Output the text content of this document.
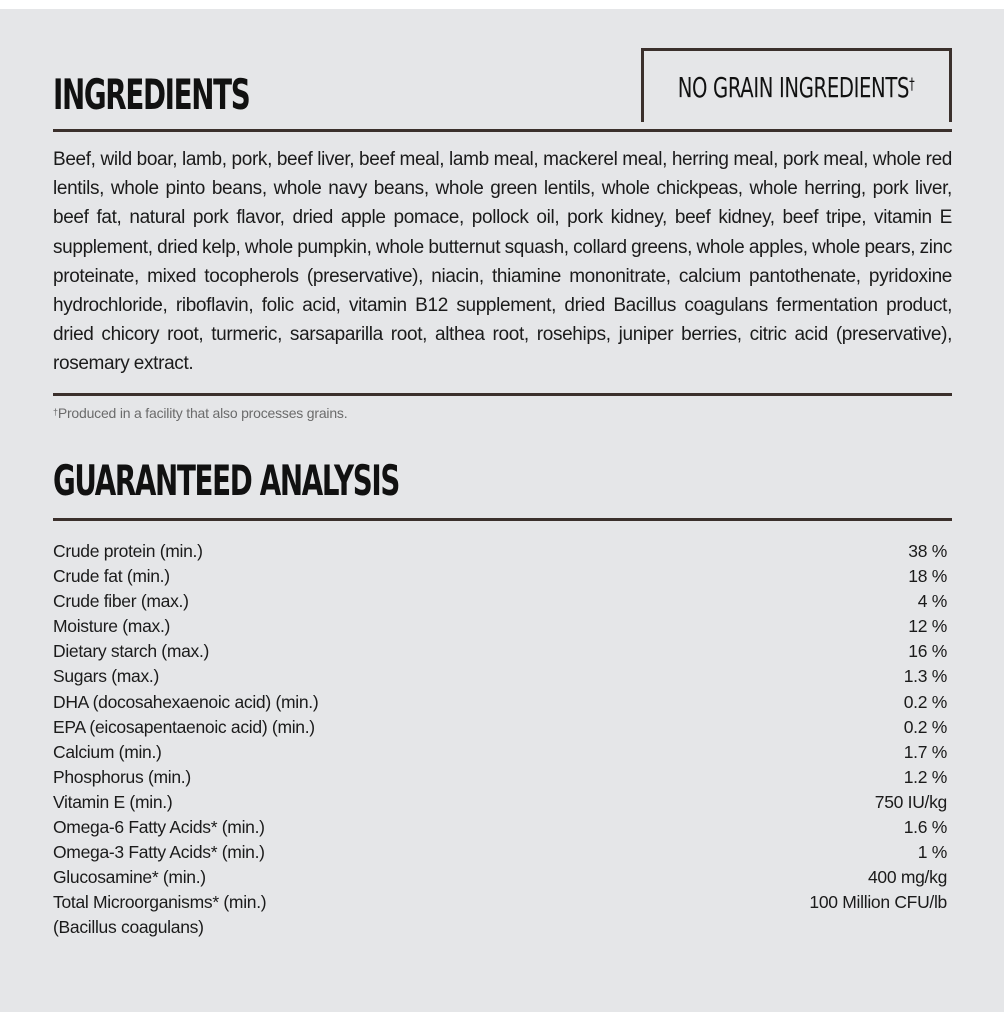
INGREDIENTS	NO GRAIN INGREDIENTS†

Beef, wild boar, lamb, pork, beef liver, beef meal, lamb meal, mackerel meal, herring meal, pork meal, whole red lentils, whole pinto beans, whole navy beans, whole green lentils, whole chickpeas, whole herring, pork liver, beef fat, natural pork flavor, dried apple pomace, pollock oil, pork kidney, beef kidney, beef tripe, vitamin E supplement, dried kelp, whole pumpkin, whole butternut squash, collard greens, whole apples, whole pears, zinc proteinate, mixed tocopherols (preservative), niacin, thiamine mononitrate, calcium pantothenate, pyridoxine hydrochloride, riboflavin, folic acid, vitamin B12 supplement, dried Bacillus coagulans fermentation product, dried chicory root, turmeric, sarsaparilla root, althea root, rosehips, juniper berries, citric acid (preservative), rosemary extract.

†Produced in a facility that also processes grains.
GUARANTEED ANALYSIS
Crude protein (min.)	38 %
Crude fat (min.)	18 %
Crude fiber (max.)	4 %
Moisture (max.)	12 %
Dietary starch (max.)	16 %
Sugars (max.)	1.3 %
DHA (docosahexaenoic acid) (min.)	0.2 %
EPA (eicosapentaenoic acid) (min.)	0.2 %
Calcium (min.)	1.7 %
Phosphorus (min.)	1.2 %
Vitamin E (min.)	750 IU/kg
Omega-6 Fatty Acids* (min.)	1.6 %
Omega-3 Fatty Acids* (min.)	1 %
Glucosamine* (min.)	400 mg/kg
Total Microorganisms* (min.)	100 Million CFU/lb
(Bacillus coagulans)
